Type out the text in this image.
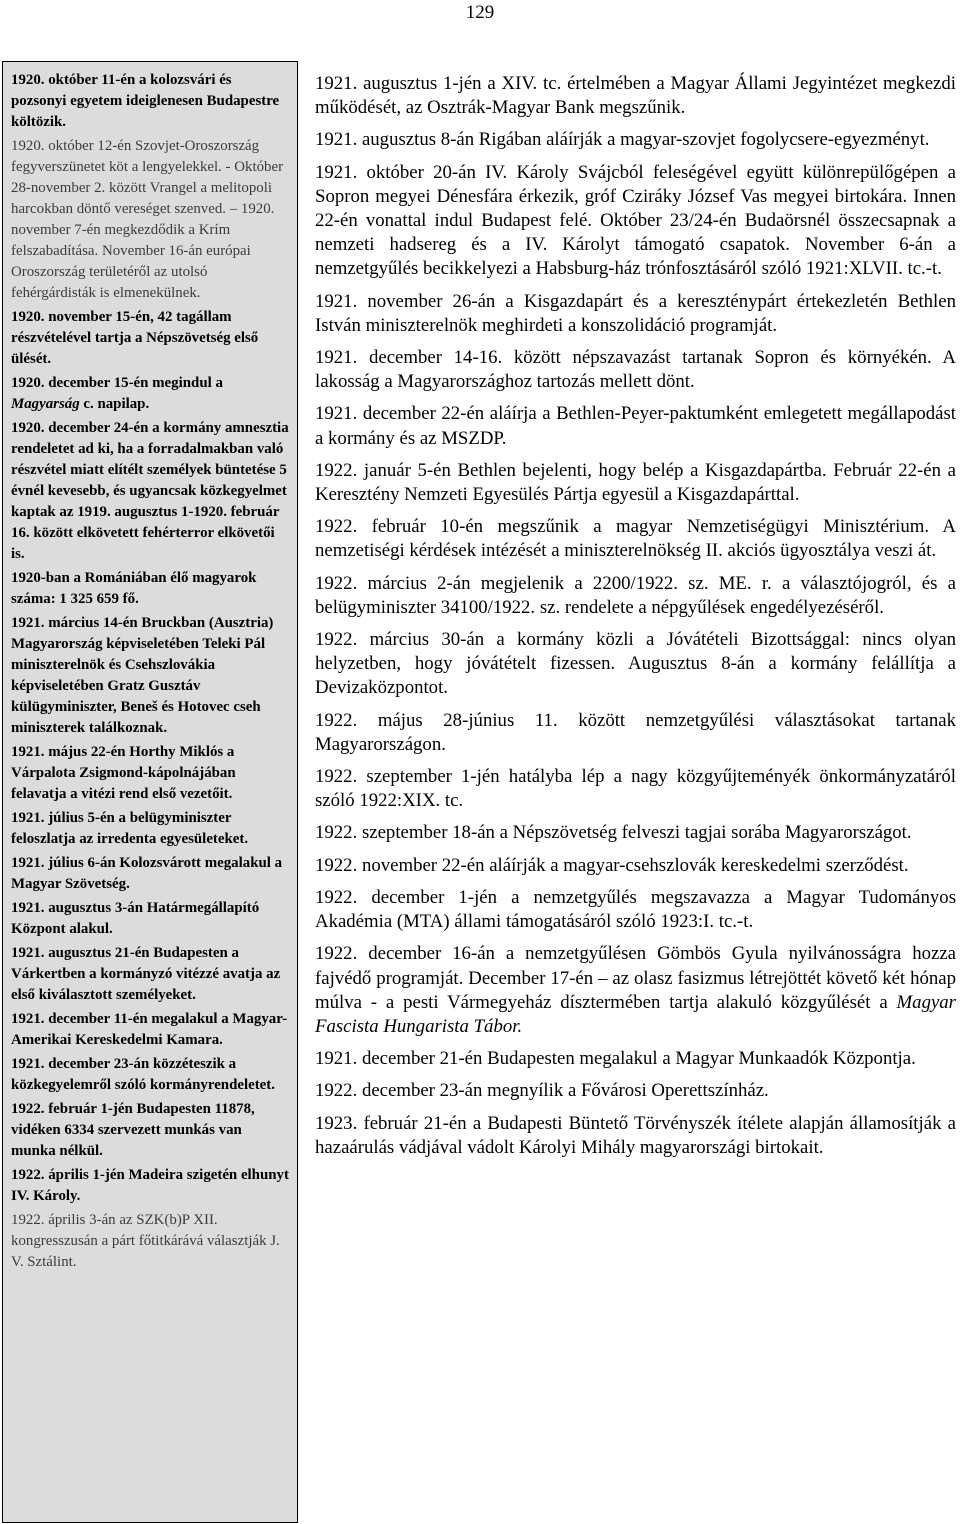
129

1920. október 11-én a kolozsvári és pozsonyi egyetem ideiglenesen Budapestre költözik.

1920. október 12-én Szovjet-Oroszország fegyverszünetet köt a lengyelekkel. - Október 28-november 2. között Vrangel a melitopoli harcokban döntő vereséget szenved. – 1920. november 7-én megkezdődik a Krím felszabadítása. November 16-án európai Oroszország területéről az utolsó fehérgárdisták is elmenekülnek.

1920. november 15-én, 42 tagállam részvételével tartja a Népszövetség első ülését.

1920. december 15-én megindul a Magyarság c. napilap.

1920. december 24-én a kormány amnesztia rendeletet ad ki, ha a forradalmakban való részvétel miatt elítélt személyek büntetése 5 évnél kevesebb, és ugyancsak közkegyelmet kaptak az 1919. augusztus 1-1920. február 16. között elkövetett fehérterror elkövetői is.

1920-ban a Romániában élő magyarok száma: 1 325 659 fő.

1921. március 14-én Bruckban (Ausztria) Magyarország képviseletében Teleki Pál miniszterelnök és Csehszlovákia képviseletében Gratz Gusztáv külügyminiszter, Beneš és Hotovec cseh miniszterek találkoznak.

1921. május 22-én Horthy Miklós a Várpalota Zsigmond-kápolnájában felavatja a vitézi rend első vezetőit.

1921. július 5-én a belügyminiszter feloszlatja az irredenta egyesületeket.

1921. július 6-án Kolozsvárott megalakul a Magyar Szövetség.

1921. augusztus 3-án Határmegállapító Központ alakul.

1921. augusztus 21-én Budapesten a Várkertben a kormányzó vitézzé avatja az első kiválasztott személyeket.

1921. december 11-én megalakul a Magyar-Amerikai Kereskedelmi Kamara.

1921. december 23-án közzéteszik a közkegyelemről szóló kormányrendeletet.

1922. február 1-jén Budapesten 11878, vidéken 6334 szervezett munkás van munka nélkül.

1922. április 1-jén Madeira szigetén elhunyt IV. Károly.

1922. április 3-án az SZK(b)P XII. kongresszusán a párt főtitkárává választják J. V. Sztálint.

1921. augusztus 1-jén a XIV. tc. értelmében a Magyar Állami Jegyintézet megkezdi működését, az Osztrák-Magyar Bank megszűnik.

1921. augusztus 8-án Rigában aláírják a magyar-szovjet fogolycsere-egyezményt.

1921. október 20-án IV. Károly Svájcból feleségével együtt különrepülőgépen a Sopron megyei Dénesfára érkezik, gróf Cziráky József Vas megyei birtokára. Innen 22-én vonattal indul Budapest felé. Október 23/24-én Budaörsnél összecsapnak a nemzeti hadsereg és a IV. Károlyt támogató csapatok. November 6-án a nemzetgyűlés becikkelyezi a Habsburg-ház trónfosztásáról szóló 1921:XLVII. tc.-t.

1921. november 26-án a Kisgazdapárt és a kereszténypárt értekezletén Bethlen István miniszterelnök meghirdeti a konszolidáció programját.

1921. december 14-16. között népszavazást tartanak Sopron és környékén. A lakosság a Magyarországhoz tartozás mellett dönt.

1921. december 22-én aláírja a Bethlen-Peyer-paktumként emlegetett megállapodást a kormány és az MSZDP.

1922. január 5-én Bethlen bejelenti, hogy belép a Kisgazdapártba. Február 22-én a Keresztény Nemzeti Egyesülés Pártja egyesül a Kisgazdapárttal.

1922. február 10-én megszűnik a magyar Nemzetiségügyi Minisztérium. A nemzetiségi kérdések intézését a miniszterelnökség II. akciós ügyosztálya veszi át.

1922. március 2-án megjelenik a 2200/1922. sz. ME. r. a választójogról, és a belügyminiszter 34100/1922. sz. rendelete a népgyűlések engedélyezéséről.

1922. március 30-án a kormány közli a Jóvátételi Bizottsággal: nincs olyan helyzetben, hogy jóvátételt fizessen. Augusztus 8-án a kormány felállítja a Devizaközpontot.

1922. május 28-június 11. között nemzetgyűlési választásokat tartanak Magyarországon.

1922. szeptember 1-jén hatályba lép a nagy közgyűjteményék önkormányzatáról szóló 1922:XIX. tc.

1922. szeptember 18-án a Népszövetség felveszi tagjai sorába Magyarországot.

1922. november 22-én aláírják a magyar-csehszlovák kereskedelmi szerződést.

1922. december 1-jén a nemzetgyűlés megszavazza a Magyar Tudományos Akadémia (MTA) állami támogatásáról szóló 1923:I. tc.-t.

1922. december 16-án a nemzetgyűlésen Gömbös Gyula nyilvánosságra hozza fajvédő programját. December 17-én – az olasz fasizmus létrejöttét követő két hónap múlva - a pesti Vármegyeház dísztermében tartja alakuló közgyűlését a Magyar Fascista Hungarista Tábor.

1921. december 21-én Budapesten megalakul a Magyar Munkaadók Központja.

1922. december 23-án megnyílik a Fővárosi Operettszínház.

1923. február 21-én a Budapesti Büntető Törvényszék ítélete alapján államosítják a hazaárulás vádjával vádolt Károlyi Mihály magyarországi birtokait.
